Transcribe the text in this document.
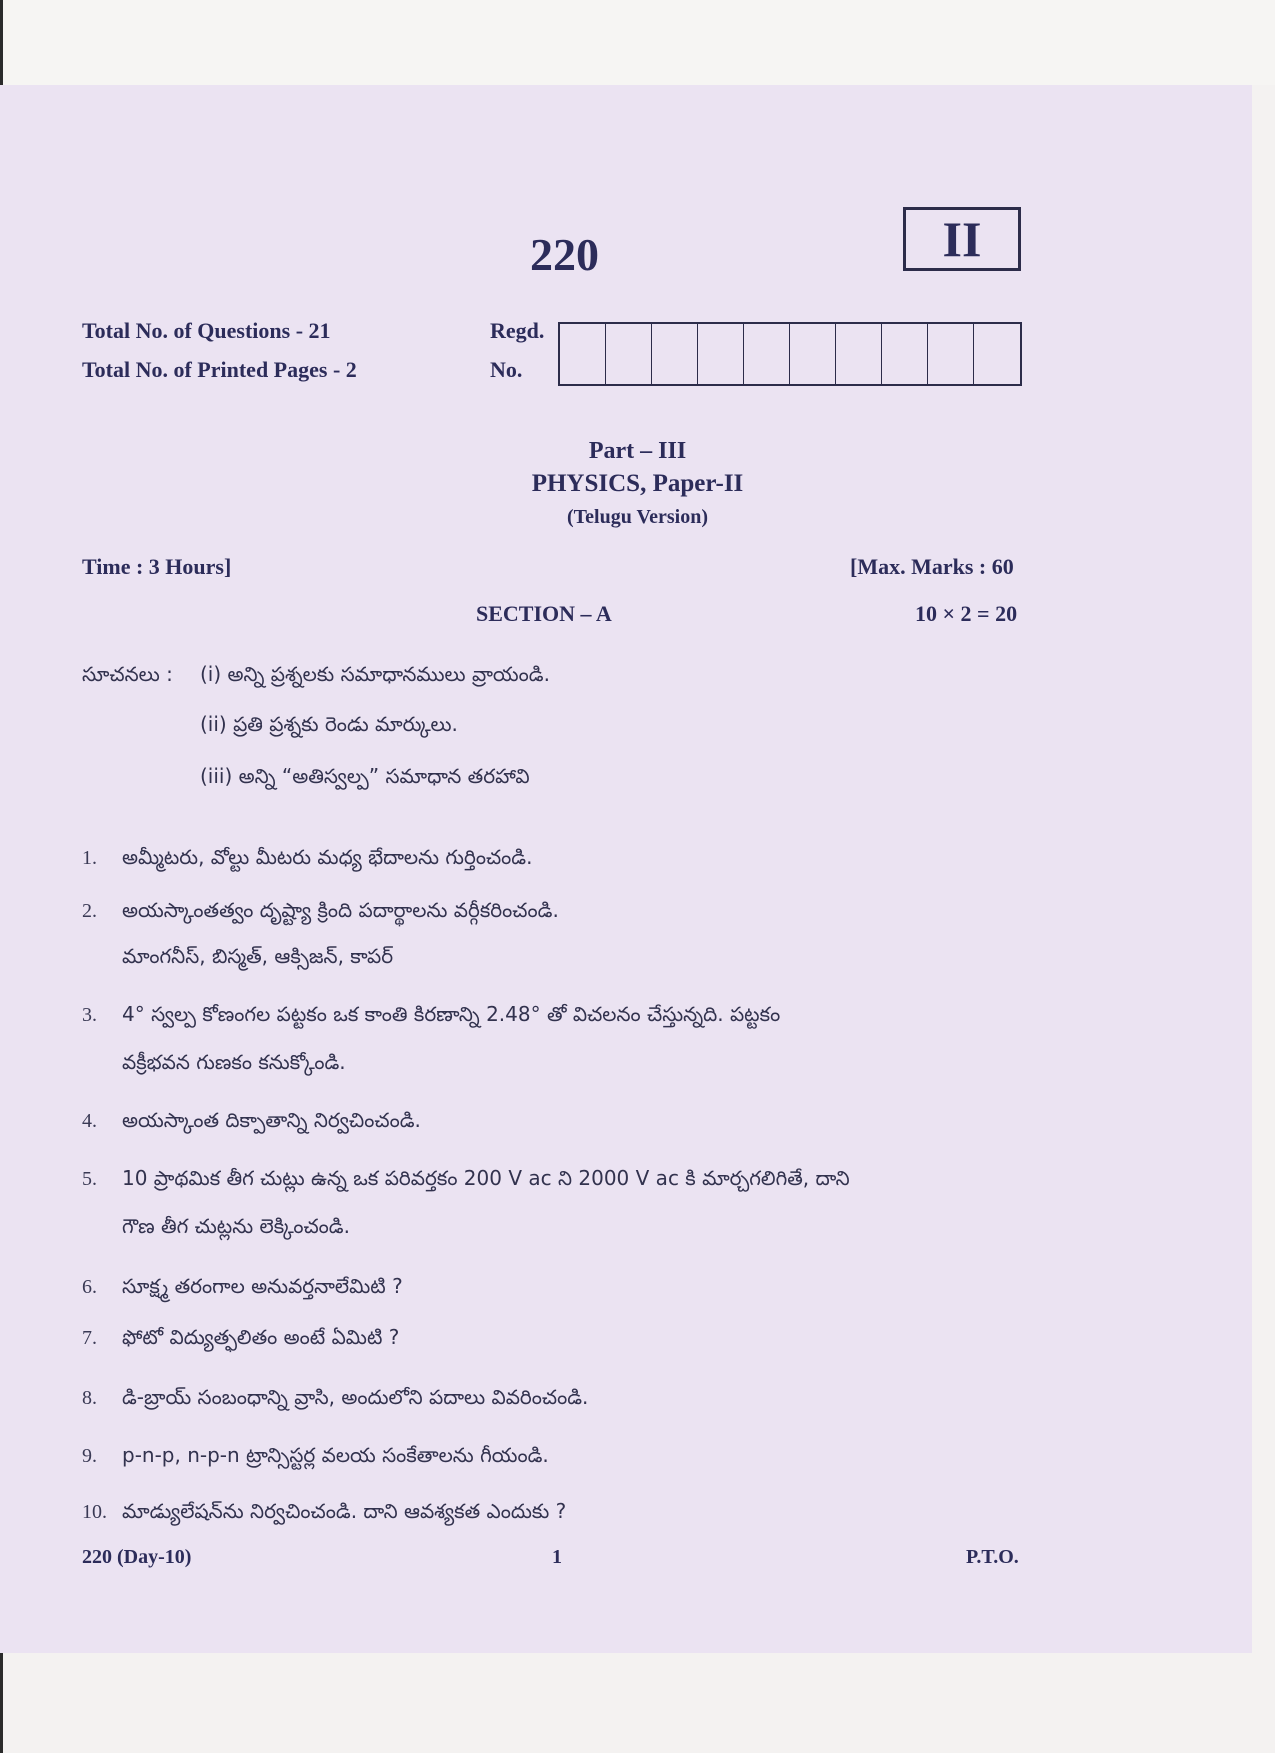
220	II
Total No. of Questions - 21
Total No. of Printed Pages - 2
Regd.
No.
Part – III
PHYSICS, Paper-II
(Telugu Version)
Time : 3 Hours]	[Max. Marks : 60
SECTION – A	10 × 2 = 20
సూచనలు : (i) అన్ని ప్రశ్నలకు సమాధానములు వ్రాయండి.
(ii) ప్రతి ప్రశ్నకు రెండు మార్కులు.
(iii) అన్ని “అతిస్వల్ప” సమాధాన తరహావి
1. అమ్మీటరు, వోల్టు మీటరు మధ్య భేదాలను గుర్తించండి.
2. అయస్కాంతత్వం దృష్ట్యా క్రింది పదార్థాలను వర్గీకరించండి.
మాంగనీస్, బిస్మత్, ఆక్సిజన్, కాపర్
3. 4° స్వల్ప కోణంగల పట్టకం ఒక కాంతి కిరణాన్ని 2.48° తో విచలనం చేస్తున్నది. పట్టకం
వక్రీభవన గుణకం కనుక్కోండి.
4. అయస్కాంత దిక్పాతాన్ని నిర్వచించండి.
5. 10 ప్రాథమిక తీగ చుట్లు ఉన్న ఒక పరివర్తకం 200 V ac ని 2000 V ac కి మార్చగలిగితే, దాని
గౌణ తీగ చుట్లను లెక్కించండి.
6. సూక్ష్మ తరంగాల అనువర్తనాలేమిటి ?
7. ఫోటో విద్యుత్ఫలితం అంటే ఏమిటి ?
8. డి-బ్రాయ్ సంబంధాన్ని వ్రాసి, అందులోని పదాలు వివరించండి.
9. p-n-p, n-p-n ట్రాన్సిస్టర్ల వలయ సంకేతాలను గీయండి.
10. మాడ్యులేషన్‌ను నిర్వచించండి. దాని ఆవశ్యకత ఎందుకు ?
220 (Day-10)	1	P.T.O.
